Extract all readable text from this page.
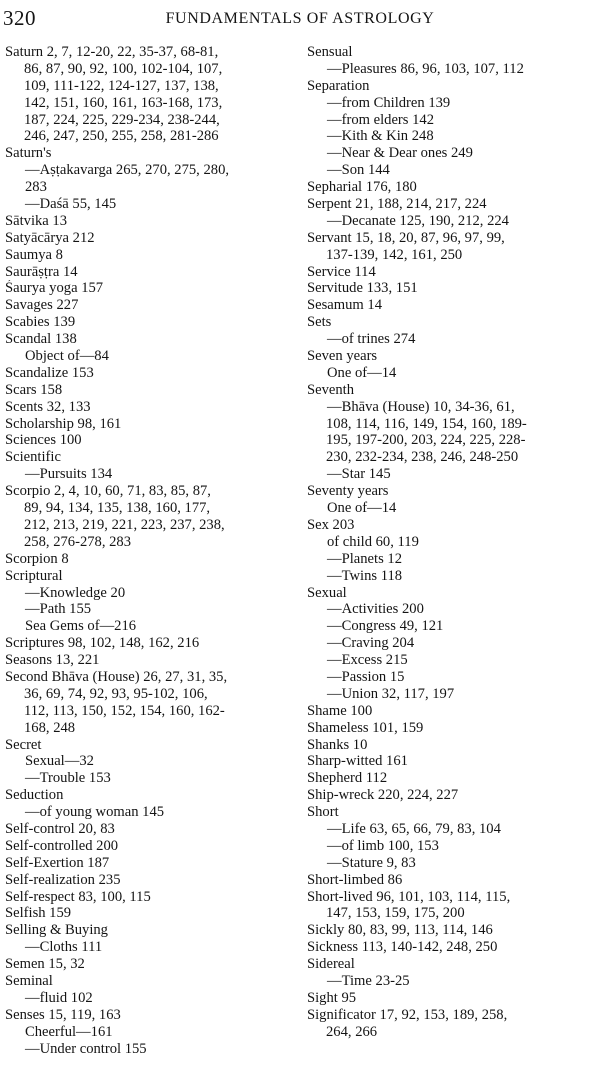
320	FUNDAMENTALS OF ASTROLOGY
Saturn 2, 7, 12-20, 22, 35-37, 68-81,
86, 87, 90, 92, 100, 102-104, 107,
109, 111-122, 124-127, 137, 138,
142, 151, 160, 161, 163-168, 173,
187, 224, 225, 229-234, 238-244,
246, 247, 250, 255, 258, 281-286
Saturn's
—Aṣṭakavarga 265, 270, 275, 280,
283
—Daśā 55, 145
Sātvika 13
Satyācārya 212
Saumya 8
Saurāṣṭra 14
Śaurya yoga 157
Savages 227
Scabies 139
Scandal 138
Object of—84
Scandalize 153
Scars 158
Scents 32, 133
Scholarship 98, 161
Sciences 100
Scientific
—Pursuits 134
Scorpio 2, 4, 10, 60, 71, 83, 85, 87,
89, 94, 134, 135, 138, 160, 177,
212, 213, 219, 221, 223, 237, 238,
258, 276-278, 283
Scorpion 8
Scriptural
—Knowledge 20
—Path 155
Sea Gems of—216
Scriptures 98, 102, 148, 162, 216
Seasons 13, 221
Second Bhāva (House) 26, 27, 31, 35,
36, 69, 74, 92, 93, 95-102, 106,
112, 113, 150, 152, 154, 160, 162-
168, 248
Secret
Sexual—32
—Trouble 153
Seduction
—of young woman 145
Self-control 20, 83
Self-controlled 200
Self-Exertion 187
Self-realization 235
Self-respect 83, 100, 115
Selfish 159
Selling & Buying
—Cloths 111
Semen 15, 32
Seminal
—fluid 102
Senses 15, 119, 163
Cheerful—161
—Under control 155
Sensual
—Pleasures 86, 96, 103, 107, 112
Separation
—from Children 139
—from elders 142
—Kith & Kin 248
—Near & Dear ones 249
—Son 144
Sepharial 176, 180
Serpent 21, 188, 214, 217, 224
—Decanate 125, 190, 212, 224
Servant 15, 18, 20, 87, 96, 97, 99,
137-139, 142, 161, 250
Service 114
Servitude 133, 151
Sesamum 14
Sets
—of trines 274
Seven years
One of—14
Seventh
—Bhāva (House) 10, 34-36, 61,
108, 114, 116, 149, 154, 160, 189-
195, 197-200, 203, 224, 225, 228-
230, 232-234, 238, 246, 248-250
—Star 145
Seventy years
One of—14
Sex 203
of child 60, 119
—Planets 12
—Twins 118
Sexual
—Activities 200
—Congress 49, 121
—Craving 204
—Excess 215
—Passion 15
—Union 32, 117, 197
Shame 100
Shameless 101, 159
Shanks 10
Sharp-witted 161
Shepherd 112
Ship-wreck 220, 224, 227
Short
—Life 63, 65, 66, 79, 83, 104
—of limb 100, 153
—Stature 9, 83
Short-limbed 86
Short-lived 96, 101, 103, 114, 115,
147, 153, 159, 175, 200
Sickly 80, 83, 99, 113, 114, 146
Sickness 113, 140-142, 248, 250
Sidereal
—Time 23-25
Sight 95
Significator 17, 92, 153, 189, 258,
264, 266
